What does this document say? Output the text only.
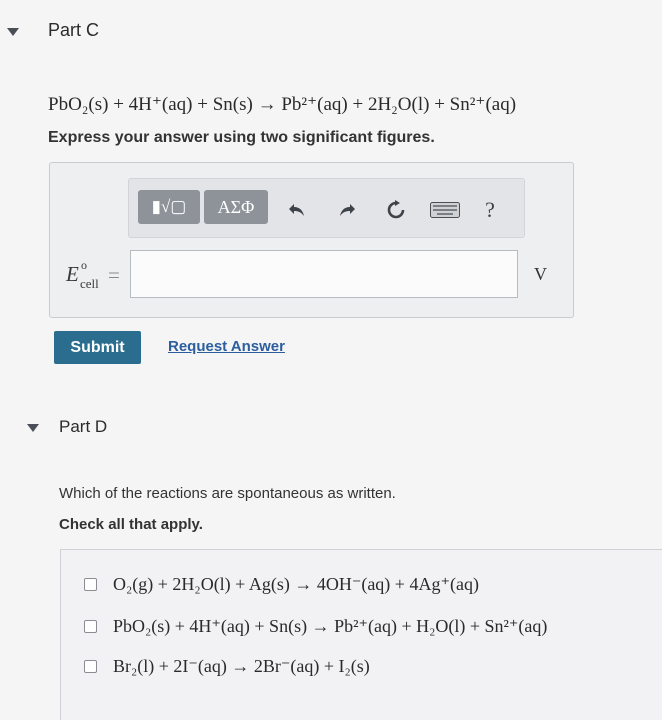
Part C
PbO₂(s) + 4H⁺(aq) + Sn(s) → Pb²⁺(aq) + 2H₂O(l) + Sn²⁺(aq)
Express your answer using two significant figures.
▮√▢ ΑΣΦ	?
E o
cell =	V
Submit	Request Answer
Part D
Which of the reactions are spontaneous as written.
Check all that apply.
O₂(g) + 2H₂O(l) + Ag(s) → 4OH⁻(aq) + 4Ag⁺(aq)
PbO₂(s) + 4H⁺(aq) + Sn(s) → Pb²⁺(aq) + H₂O(l) + Sn²⁺(aq)
Br₂(l) + 2I⁻(aq) → 2Br⁻(aq) + I₂(s)
